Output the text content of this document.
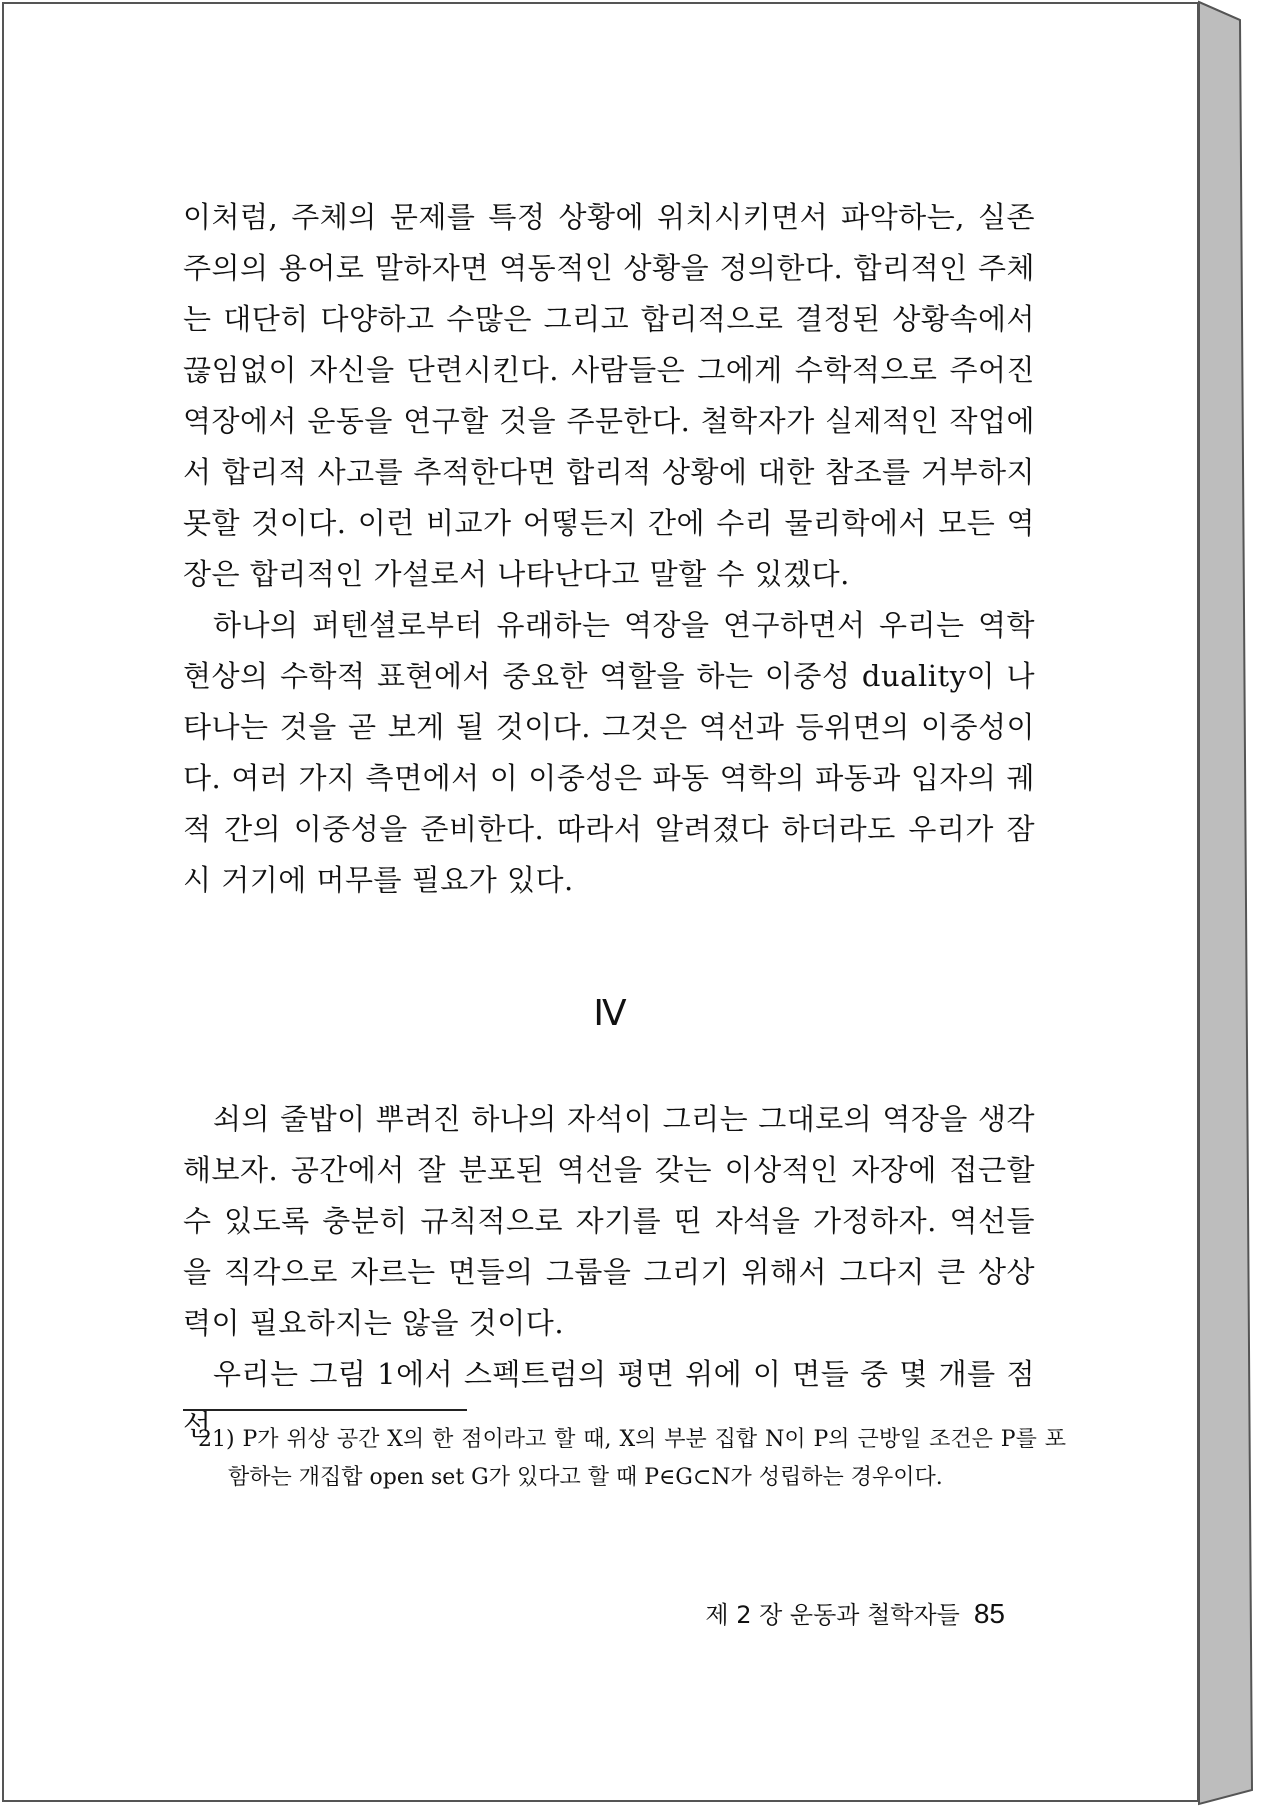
이처럼, 주체의 문제를 특정 상황에 위치시키면서 파악하는, 실존주의의 용어로 말하자면 역동적인 상황을 정의한다. 합리적인 주체는 대단히 다양하고 수많은 그리고 합리적으로 결정된 상황속에서 끊임없이 자신을 단련시킨다. 사람들은 그에게 수학적으로 주어진 역장에서 운동을 연구할 것을 주문한다. 철학자가 실제적인 작업에서 합리적 사고를 추적한다면 합리적 상황에 대한 참조를 거부하지 못할 것이다. 이런 비교가 어떻든지 간에 수리 물리학에서 모든 역장은 합리적인 가설로서 나타난다고 말할 수 있겠다.

하나의 퍼텐셜로부터 유래하는 역장을 연구하면서 우리는 역학 현상의 수학적 표현에서 중요한 역할을 하는 이중성 duality이 나타나는 것을 곧 보게 될 것이다. 그것은 역선과 등위면의 이중성이다. 여러 가지 측면에서 이 이중성은 파동 역학의 파동과 입자의 궤적 간의 이중성을 준비한다. 따라서 알려졌다 하더라도 우리가 잠시 거기에 머무를 필요가 있다.

Ⅳ

쇠의 줄밥이 뿌려진 하나의 자석이 그리는 그대로의 역장을 생각해보자. 공간에서 잘 분포된 역선을 갖는 이상적인 자장에 접근할 수 있도록 충분히 규칙적으로 자기를 띤 자석을 가정하자. 역선들을 직각으로 자르는 면들의 그룹을 그리기 위해서 그다지 큰 상상력이 필요하지는 않을 것이다.

우리는 그림 1에서 스펙트럼의 평면 위에 이 면들 중 몇 개를 점선

21) P가 위상 공간 X의 한 점이라고 할 때, X의 부분 집합 N이 P의 근방일 조건은 P를 포함하는 개집합 open set G가 있다고 할 때 P∈G⊂N가 성립하는 경우이다.

제 2 장 운동과 철학자들 85
